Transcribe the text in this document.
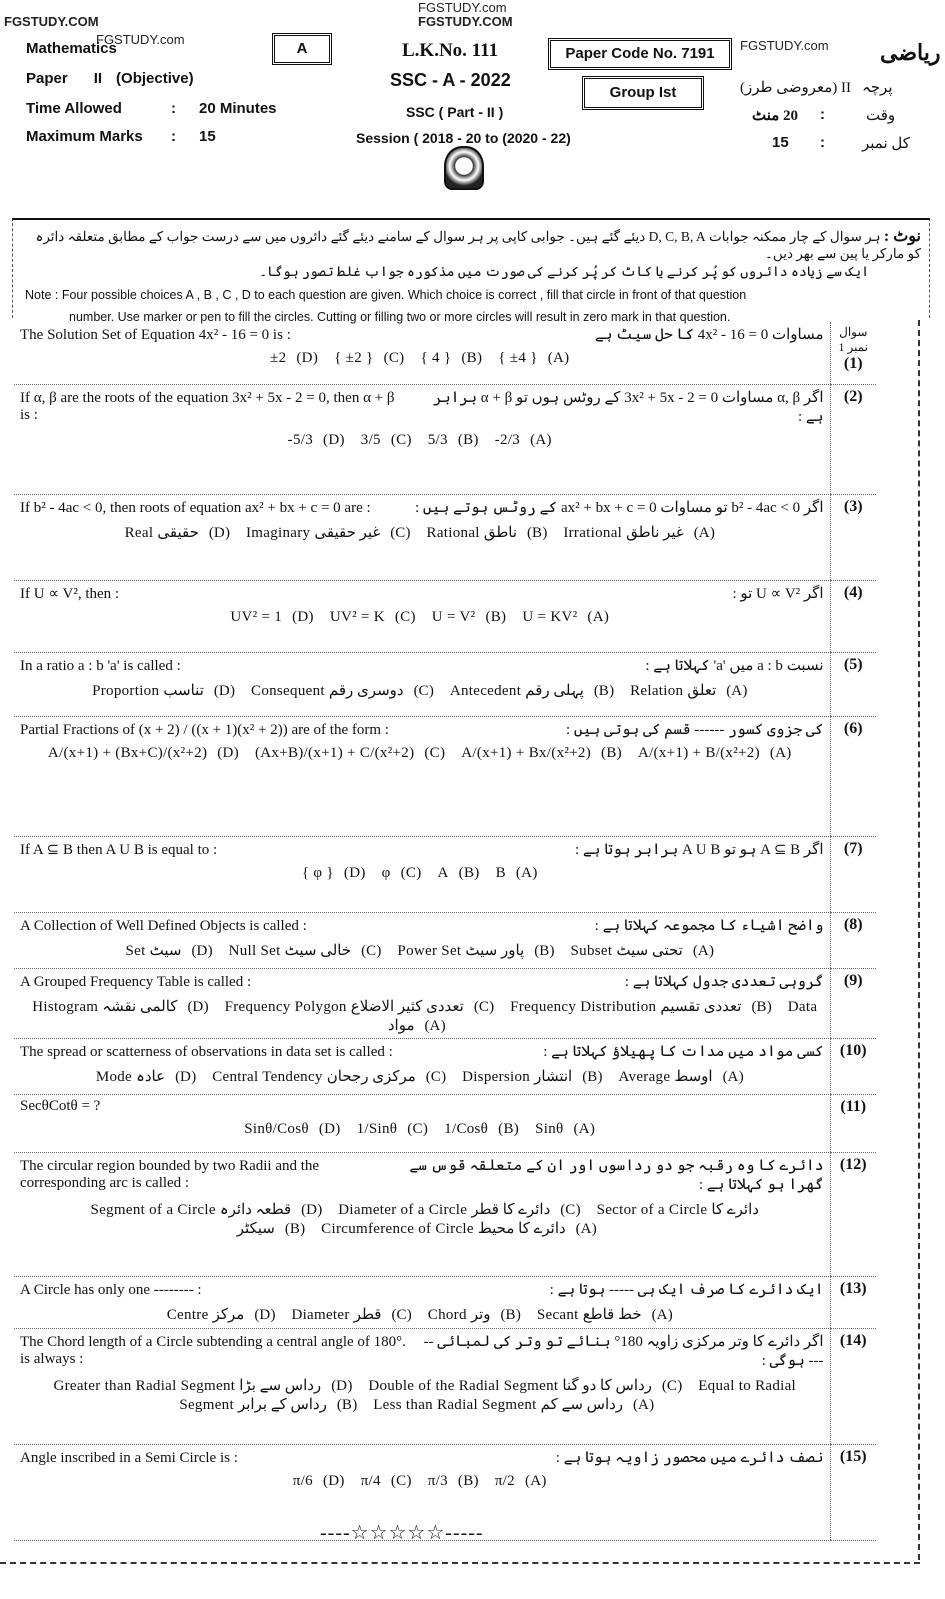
FGSTUDY.com
FGSTUDY.COM
FGSTUDY.COM
FGSTUDY.com	FGSTUDY.com
Mathematics
Paper II (Objective)
Time Allowed	:	20 Minutes
Maximum Marks	:	15
A	L.K.No. 111	Paper Code No. 7191
SSC - A - 2022
Group Ist
SSC ( Part - II )
Session ( 2018 - 20 to (2020 - 22)
ریاضی
پرچہ
II (معروضی طرز)
وقت
20 منٹ
کل نمبر
15
:
:
نوٹ : ہر سوال کے چار ممکنہ جوابات D, C, B, A دیئے گئے ہیں۔ جوابی کاپی پر ہر سوال کے سامنے دیئے گئے دائروں میں سے درست جواب کے مطابق متعلقہ دائرہ کو مارکر یا پین سے بھر دیں۔
ایک سے زیادہ دائروں کو پُر کرنے یا کاٹ کر پُر کرنے کی صورت میں مذکورہ جواب غلط تصور ہوگا۔
Note : Four possible choices A , B , C , D to each question are given. Which choice is correct , fill that circle in front of that question
number. Use marker or pen to fill the circles. Cutting or filling two or more circles will result in zero mark in that question.
The Solution Set of Equation 4x² - 16 = 0 is :	مساوات 0 = 16 - 4x² کا حل سیٹ ہے
±2 (D) { ±2 } (C) { 4 } (B) { ±4 } (A)

سوال نمبر 1
(1)

If α, β are the roots of the equation 3x² + 5x - 2 = 0, then α + β is :
اگر α, β مساوات 0 = 2 - 3x² + 5x کے روٹس ہوں تو α + β برابر ہے :
-5/3 (D) 3/5 (C) 5/3 (B) -2/3 (A)	(2)

If b² - 4ac < 0, then roots of equation ax² + bx + c = 0 are : اگر b² - 4ac < 0 تو مساوات ax² + bx + c = 0 کے روٹس ہوتے ہیں :
Real حقیقی (D) Imaginary غیر حقیقی (C) Rational ناطق (B) Irrational غیر ناطق (A)	(3)

If U ∝ V², then : اگر U ∝ V² تو :
UV² = 1 (D) UV² = K (C) U = V² (B) U = KV² (A)	(4)

In a ratio a : b 'a' is called : نسبت a : b میں 'a' کہلاتا ہے :
Proportion تناسب (D) Consequent دوسری رقم (C) Antecedent پہلی رقم (B) Relation تعلق (A)	(5)

Partial Fractions of (x + 2) / ((x + 1)(x² + 2)) are of the form : کی جزوی کسور ------ قسم کی ہوتی ہیں :
A/(x+1) + (Bx+C)/(x²+2) (D) (Ax+B)/(x+1) + C/(x²+2) (C) A/(x+1) + Bx/(x²+2) (B) A/(x+1) + B/(x²+2) (A)	(6)

If A ⊆ B then A U B is equal to : اگر A ⊆ B ہو تو A U B برابر ہوتا ہے :
{ φ } (D) φ (C) A (B) B (A)	(7)

A Collection of Well Defined Objects is called : واضح اشیاء کا مجموعہ کہلاتا ہے :
Set سیٹ (D) Null Set خالی سیٹ (C) Power Set پاور سیٹ (B) Subset تحتی سیٹ (A)	(8)

A Grouped Frequency Table is called : گروہی تعددی جدول کہلاتا ہے :
Histogram کالمی نقشہ (D) Frequency Polygon تعددی کثیر الاضلاع (C) Frequency Distribution تعددی تقسیم (B) Data مواد (A)	(9)

The spread or scatterness of observations in data set is called : کسی مواد میں مدات کا پھیلاؤ کہلاتا ہے :
Mode عادہ (D) Central Tendency مرکزی رجحان (C) Dispersion انتشار (B) Average اوسط (A)	(10)

SecθCotθ = ?
Sinθ/Cosθ (D) 1/Sinθ (C) 1/Cosθ (B) Sinθ (A)	(11)

The circular region bounded by two Radii and the corresponding arc is called :
دائرے کا وہ رقبہ جو دو رداسوں اور ان کے متعلقہ قوس سے گھرا ہو کہلاتا ہے :
Segment of a Circle قطعہ دائرہ (D) Diameter of a Circle دائرے کا قطر (C) Sector of a Circle دائرے کا سیکٹر (B) Circumference of Circle دائرے کا محیط (A)	(12)

A Circle has only one -------- : ایک دائرے کا صرف ایک ہی ----- ہوتا ہے :
Centre مرکز (D) Diameter قطر (C) Chord وتر (B) Secant خط قاطع (A)	(13)

The Chord length of a Circle subtending a central angle of 180°. is always :
اگر دائرے کا وتر مرکزی زاویہ 180° بنائے تو وتر کی لمبائی ----- ہوگی :
Greater than Radial Segment رداس سے بڑا (D) Double of the Radial Segment رداس کا دو گنا (C) Equal to Radial Segment رداس کے برابر (B) Less than Radial Segment رداس سے کم (A)	(14)

Angle inscribed in a Semi Circle is : نصف دائرے میں محصور زاویہ ہوتا ہے :
π/6 (D) π/4 (C) π/3 (B) π/2 (A)	(15)
----☆☆☆☆☆-----
